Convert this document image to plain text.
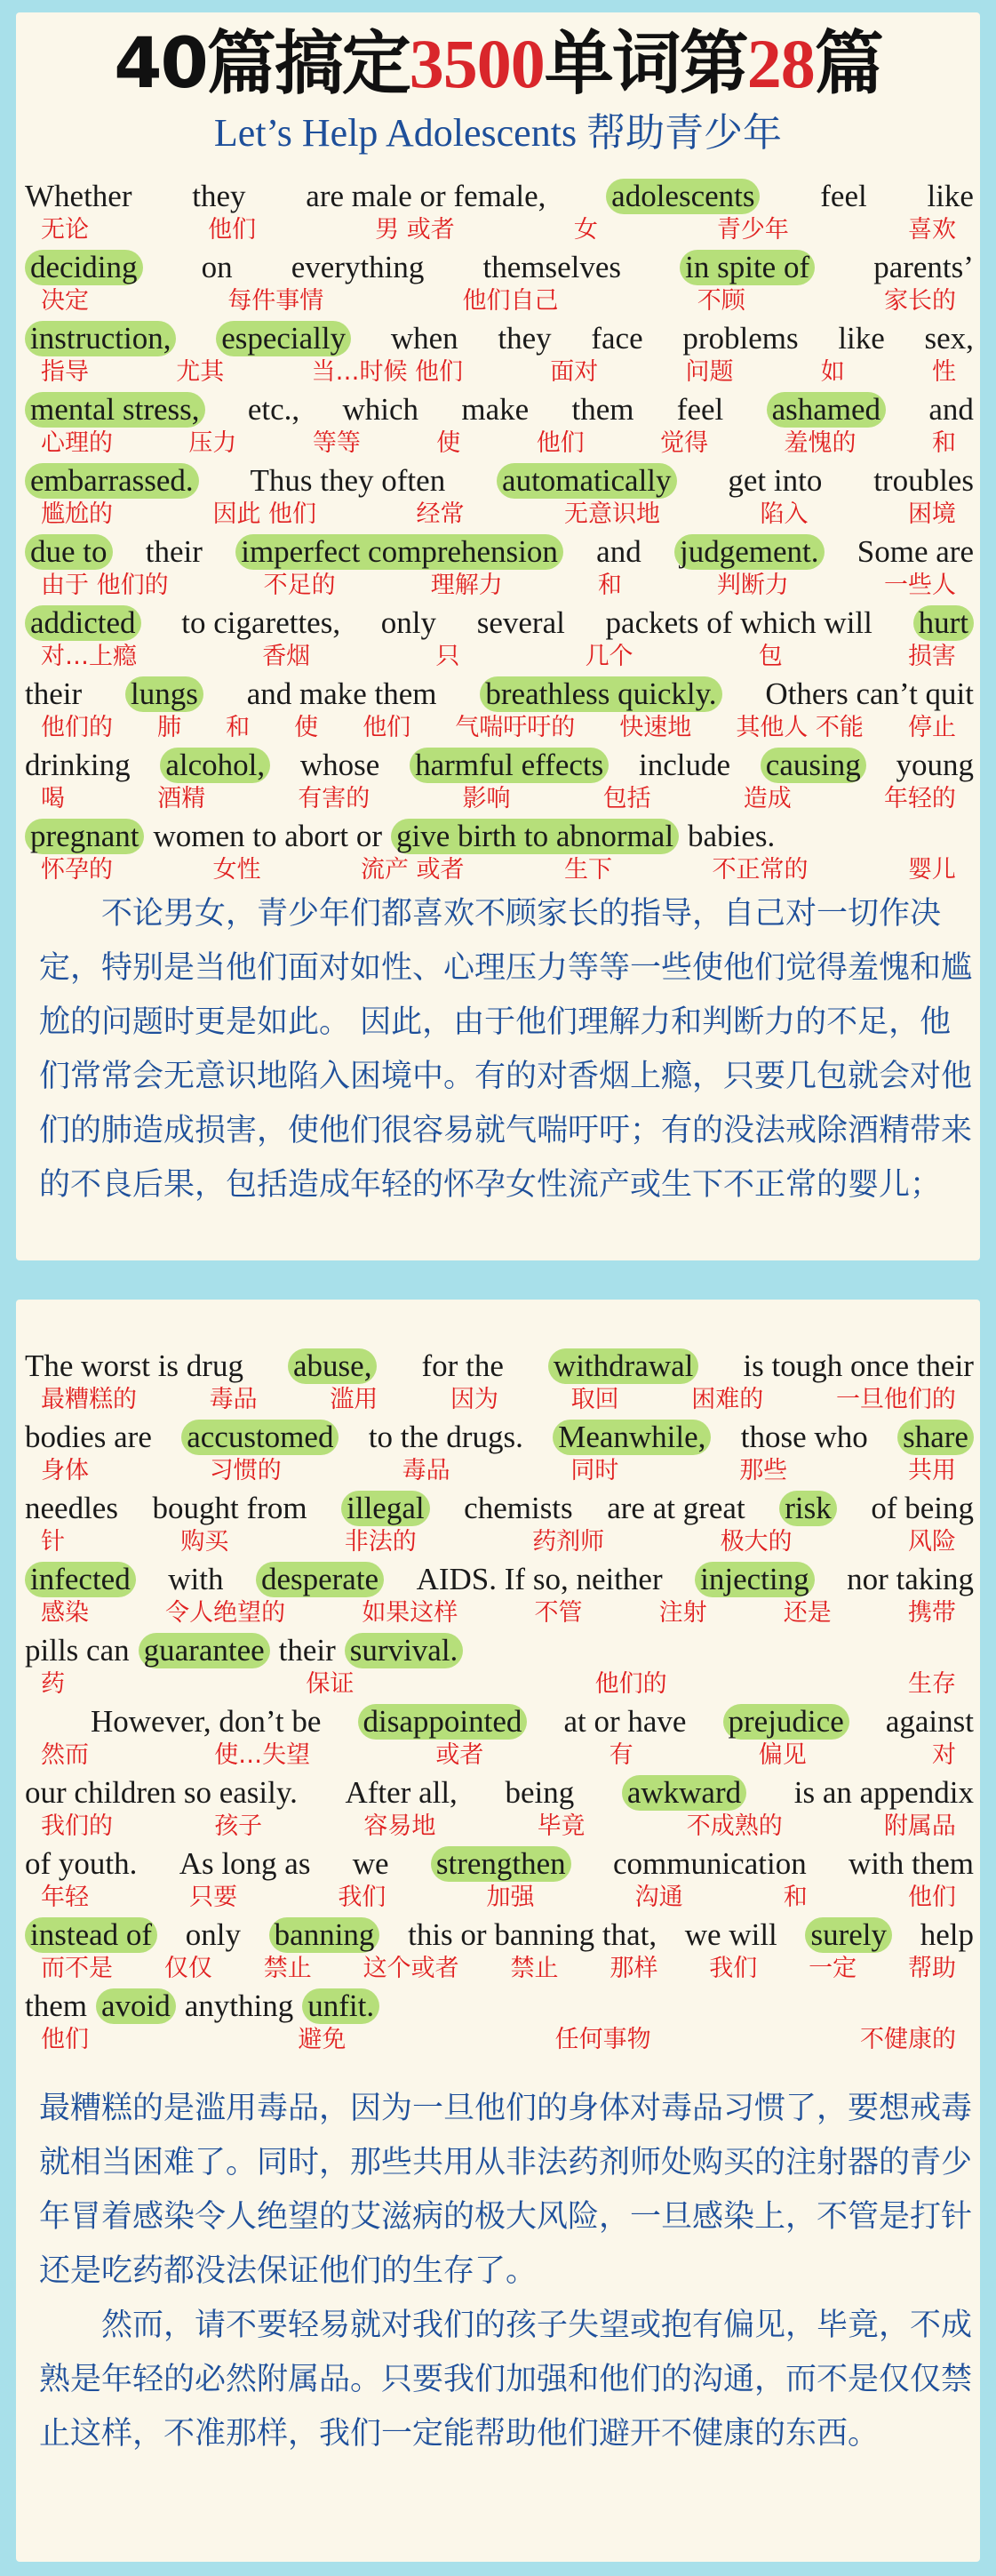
40篇搞定3500单词第28篇
Let’s Help Adolescents 帮助青少年
Whether they are male or female, adolescents feel like
无论	他们	男 或者	女	青少年	喜欢
deciding on everything themselves in spite of parents’
决定	每件事情	他们自己	不顾	家长的
instruction, especially when they face problems like sex,
指导	尤其	当…时候 他们	面对	问题	如	性
mental stress, etc., which make them feel ashamed and
心理的	压力	等等	使	他们	觉得	羞愧的	和
embarrassed. Thus they often automatically get into troubles
尴尬的	因此 他们	经常	无意识地	陷入	困境
due to their imperfect comprehension and judgement. Some are
由于 他们的	不足的	理解力	和	判断力	一些人
addicted to cigarettes, only several packets of which will hurt
对…上瘾	香烟	只	几个	包	损害
their lungs and make them breathless quickly. Others can’t quit
他们的 肺 和 使 他们 气喘吁吁的 快速地 其他人 不能 停止
drinking alcohol, whose harmful effects include causing young
喝	酒精	有害的	影响	包括	造成	年轻的
pregnant women to abort or give birth to abnormal babies.
怀孕的	女性	流产 或者	生下	不正常的	婴儿

不论男女，青少年们都喜欢不顾家长的指导，自己对一切作决定，特别是当他们面对如性、心理压力等等一些使他们觉得羞愧和尴尬的问题时更是如此。 因此，由于他们理解力和判断力的不足，他们常常会无意识地陷入困境中。有的对香烟上瘾，只要几包就会对他们的肺造成损害，使他们很容易就气喘吁吁；有的没法戒除酒精带来的不良后果，包括造成年轻的怀孕女性流产或生下不正常的婴儿；

The worst is drug abuse, for the withdrawal is tough once their
最糟糕的	毒品	滥用	因为	取回	困难的	一旦他们的
bodies are accustomed to the drugs. Meanwhile, those who share
身体	习惯的	毒品	同时	那些	共用
needles bought from illegal chemists are at great risk of being
针	购买	非法的	药剂师	极大的	风险
infected with desperate AIDS. If so, neither injecting nor taking
感染	令人绝望的	如果这样	不管	注射	还是	携带
pills can guarantee their survival.
药	保证	他们的	生存
However, don’t be disappointed at or have prejudice against
然而	使…失望	或者	有	偏见	对
our children so easily. After all, being awkward is an appendix
我们的	孩子	容易地	毕竟	不成熟的	附属品
of youth. As long as we strengthen communication with them
年轻	只要	我们	加强	沟通	和	他们
instead of only banning this or banning that, we will surely help
而不是 仅仅 禁止 这个或者 禁止 那样 我们 一定 帮助
them avoid anything unfit.
他们	避免	任何事物	不健康的

最糟糕的是滥用毒品，因为一旦他们的身体对毒品习惯了，要想戒毒就相当困难了。同时，那些共用从非法药剂师处购买的注射器的青少年冒着感染令人绝望的艾滋病的极大风险，一旦感染上，不管是打针还是吃药都没法保证他们的生存了。

然而，请不要轻易就对我们的孩子失望或抱有偏见，毕竟，不成熟是年轻的必然附属品。只要我们加强和他们的沟通，而不是仅仅禁止这样，不准那样，我们一定能帮助他们避开不健康的东西。
